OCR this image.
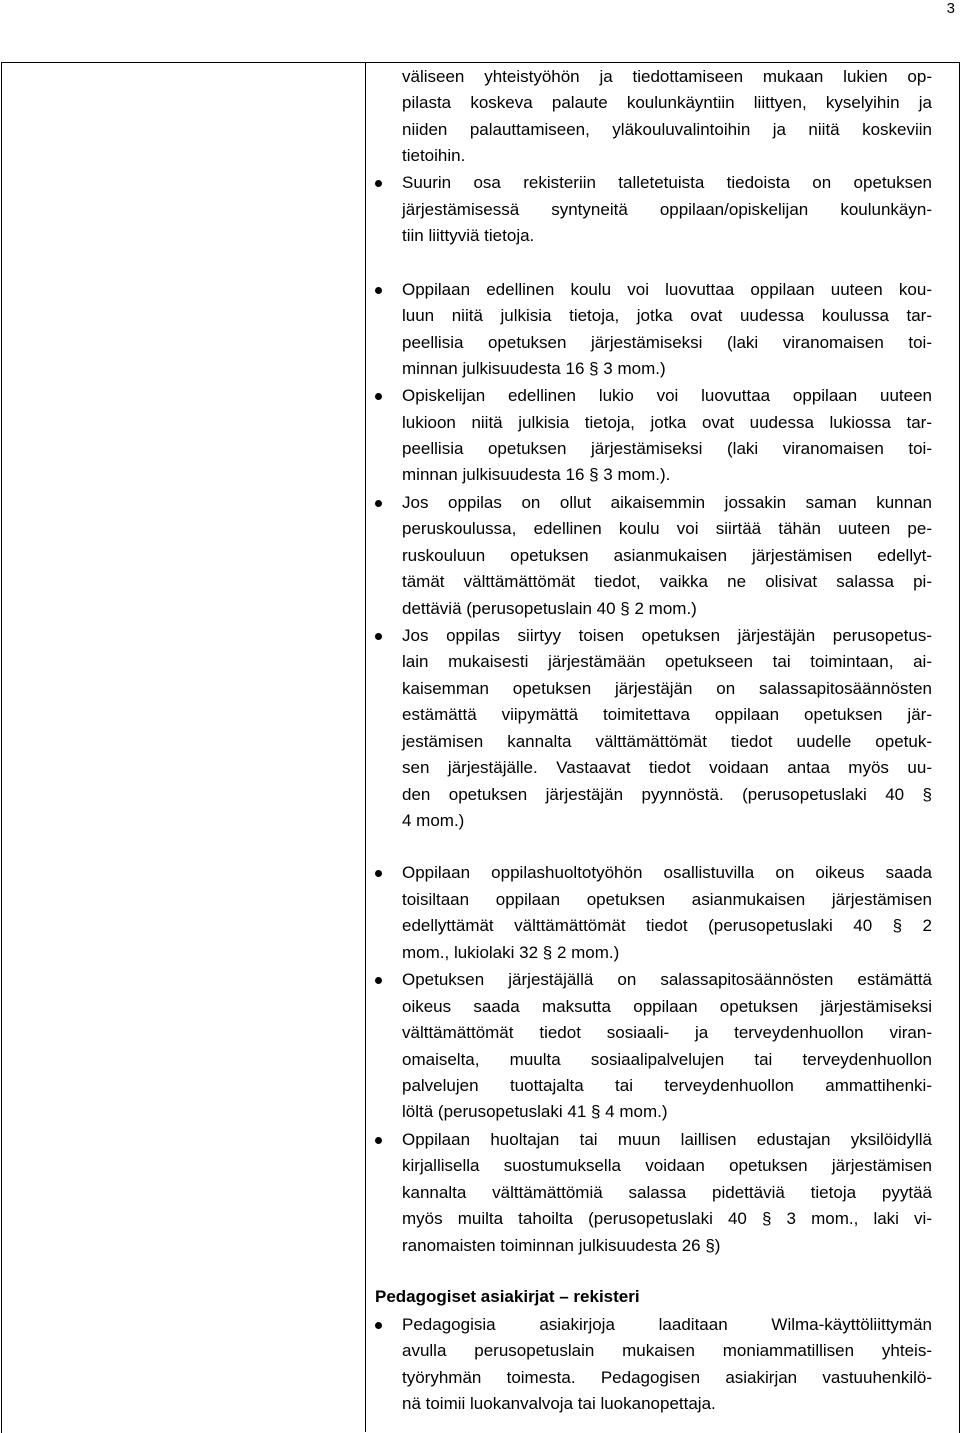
3
väliseen yhteistyöhön ja tiedottamiseen mukaan lukien op-
pilasta koskeva palaute koulunkäyntiin liittyen, kyselyihin ja
niiden palauttamiseen, yläkouluvalintoihin ja niitä koskeviin
tietoihin.
Suurin osa rekisteriin talletetuista tiedoista on opetuksen
järjestämisessä syntyneitä oppilaan/opiskelijan koulunkäyn-
tiin liittyviä tietoja.
Oppilaan edellinen koulu voi luovuttaa oppilaan uuteen kou-
luun niitä julkisia tietoja, jotka ovat uudessa koulussa tar-
peellisia opetuksen järjestämiseksi (laki viranomaisen toi-
minnan julkisuudesta 16 § 3 mom.)
Opiskelijan edellinen lukio voi luovuttaa oppilaan uuteen
lukioon niitä julkisia tietoja, jotka ovat uudessa lukiossa tar-
peellisia opetuksen järjestämiseksi (laki viranomaisen toi-
minnan julkisuudesta 16 § 3 mom.).
Jos oppilas on ollut aikaisemmin jossakin saman kunnan
peruskoulussa, edellinen koulu voi siirtää tähän uuteen pe-
ruskouluun opetuksen asianmukaisen järjestämisen edellyt-
tämät välttämättömät tiedot, vaikka ne olisivat salassa pi-
dettäviä (perusopetuslain 40 § 2 mom.)
Jos oppilas siirtyy toisen opetuksen järjestäjän perusopetus-
lain mukaisesti järjestämään opetukseen tai toimintaan, ai-
kaisemman opetuksen järjestäjän on salassapitosäännösten
estämättä viipymättä toimitettava oppilaan opetuksen jär-
jestämisen kannalta välttämättömät tiedot uudelle opetuk-
sen järjestäjälle. Vastaavat tiedot voidaan antaa myös uu-
den opetuksen järjestäjän pyynnöstä. (perusopetuslaki 40 §
4 mom.)
Oppilaan oppilashuoltotyöhön osallistuvilla on oikeus saada
toisiltaan oppilaan opetuksen asianmukaisen järjestämisen
edellyttämät välttämättömät tiedot (perusopetuslaki 40 § 2
mom., lukiolaki 32 § 2 mom.)
Opetuksen järjestäjällä on salassapitosäännösten estämättä
oikeus saada maksutta oppilaan opetuksen järjestämiseksi
välttämättömät tiedot sosiaali- ja terveydenhuollon viran-
omaiselta, muulta sosiaalipalvelujen tai terveydenhuollon
palvelujen tuottajalta tai terveydenhuollon ammattihenki-
löltä (perusopetuslaki 41 § 4 mom.)
Oppilaan huoltajan tai muun laillisen edustajan yksilöidyllä
kirjallisella suostumuksella voidaan opetuksen järjestämisen
kannalta välttämättömiä salassa pidettäviä tietoja pyytää
myös muilta tahoilta (perusopetuslaki 40 § 3 mom., laki vi-
ranomaisten toiminnan julkisuudesta 26 §)
Pedagogiset asiakirjat – rekisteri
Pedagogisia asiakirjoja laaditaan Wilma-käyttöliittymän
avulla perusopetuslain mukaisen moniammatillisen yhteis-
työryhmän toimesta. Pedagogisen asiakirjan vastuuhenkilö-
nä toimii luokanvalvoja tai luokanopettaja.
